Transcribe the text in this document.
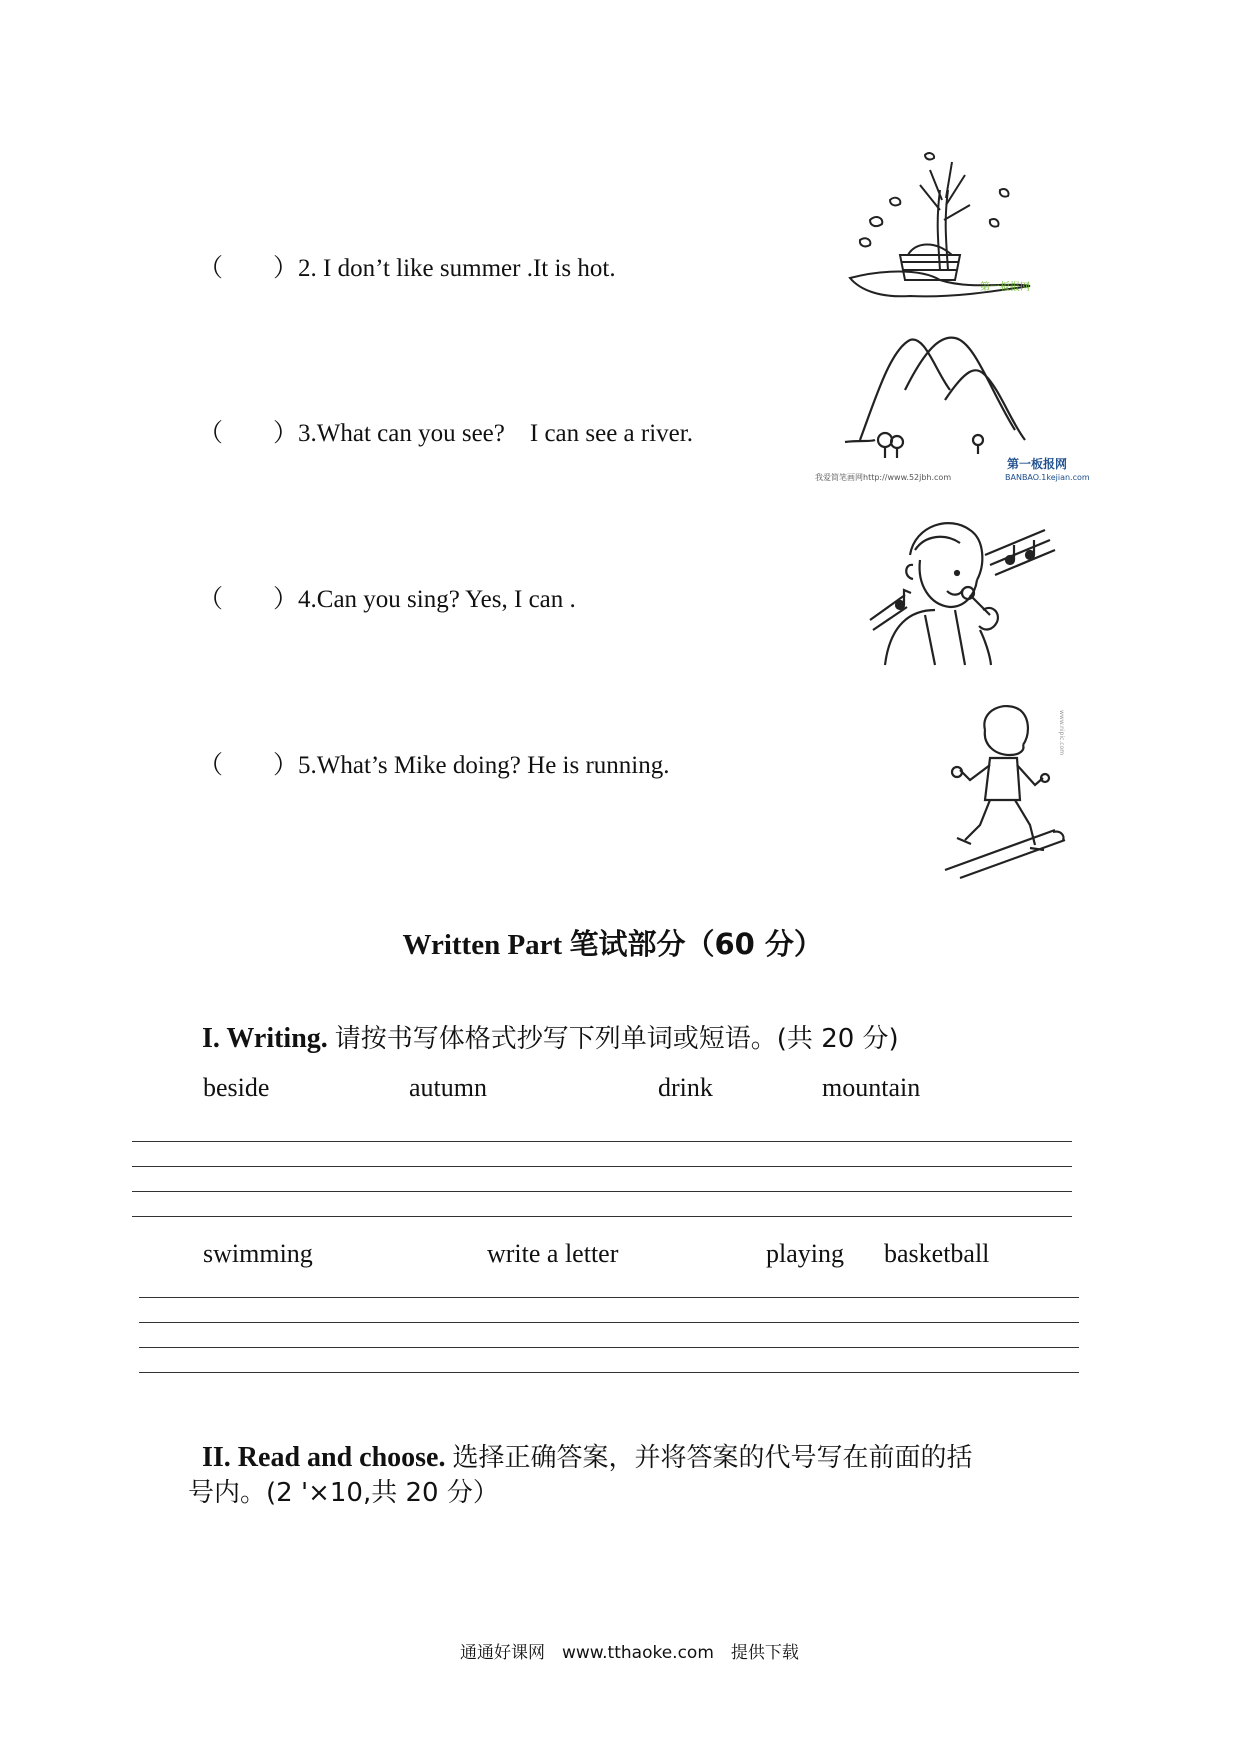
（　　）2. I don’t like summer .It is hot.
（　　）3.What can you see?　I can see a river.
（　　）4.Can you sing? Yes, I can .
（　　）5.What’s Mike doing? He is running.
第一板报网
我爱简笔画网http://www.52jbh.com
第一板报网
BANBAO.1kejian.com
www.nipic.com

Written Part 笔试部分（60 分）

I. Writing. 请按书写体格式抄写下列单词或短语。(共 20 分)

beside	autumn	drink	mountain
swimming	write a letter	playing basketball

II. Read and choose. 选择正确答案，并将答案的代号写在前面的括

号内。(2 '×10,共 20 分）
通通好课网　www.tthaoke.com　提供下载
